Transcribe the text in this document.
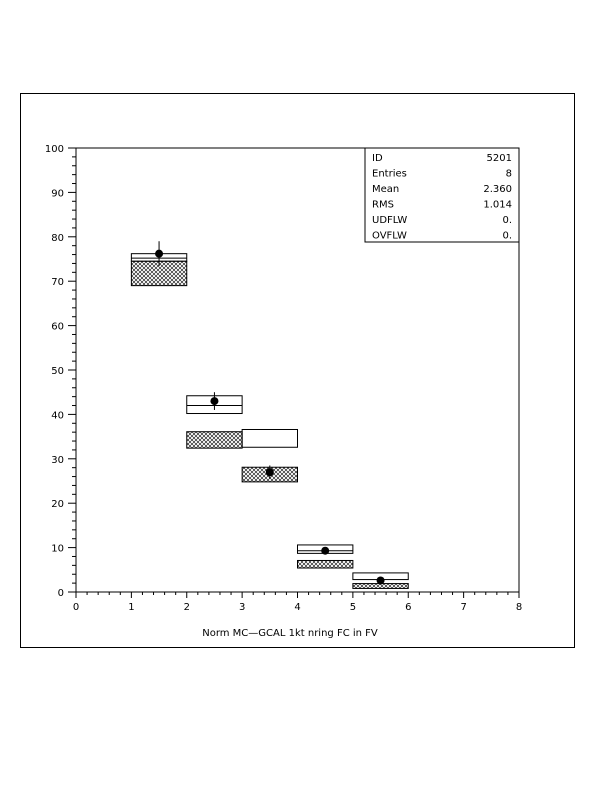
0	1	2	3	4	5	6	7	8
0
10
20
30
40
50
60
70
80
90
100
ID	5201
Entries	8
Mean	2.360
RMS	1.014
UDFLW	0.
OVFLW	0.
Norm MC—GCAL 1kt nring FC in FV
